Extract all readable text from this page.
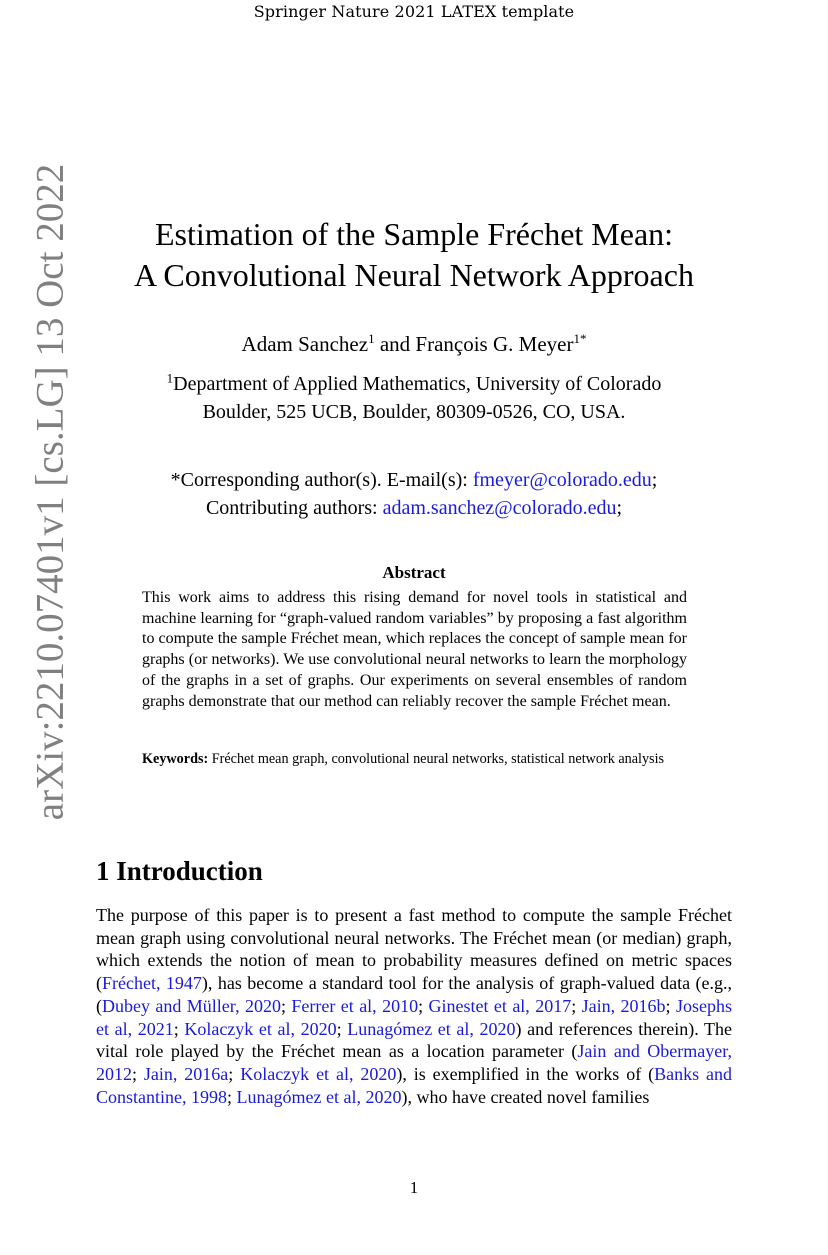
Springer Nature 2021 LATEX template
arXiv:2210.07401v1 [cs.LG] 13 Oct 2022	Estimation of the Sample Fréchet Mean:
A Convolutional Neural Network Approach
Adam Sanchez$^1$ and François G. Meyer$^{1*}$
$^1$Department of Applied Mathematics, University of Colorado
Boulder, 525 UCB, Boulder, 80309-0526, CO, USA.
*Corresponding author(s). E-mail(s): fmeyer@colorado.edu;
Contributing authors: adam.sanchez@colorado.edu;
Abstract

This work aims to address this rising demand for novel tools in statistical and machine learning for “graph-valued random variables” by proposing a fast algorithm to compute the sample Fréchet mean, which replaces the concept of sample mean for graphs (or networks). We use convolutional neural networks to learn the morphology of the graphs in a set of graphs. Our experiments on several ensembles of random graphs demonstrate that our method can reliably recover the sample Fréchet mean.

Keywords: Fréchet mean graph, convolutional neural networks, statistical network analysis
1 Introduction

The purpose of this paper is to present a fast method to compute the sample Fréchet mean graph using convolutional neural networks. The Fréchet mean (or median) graph, which extends the notion of mean to probability measures defined on metric spaces (Fréchet, 1947), has become a standard tool for the analysis of graph-valued data (e.g., (Dubey and Müller, 2020; Ferrer et al, 2010; Ginestet et al, 2017; Jain, 2016b; Josephs et al, 2021; Kolaczyk et al, 2020; Lunagómez et al, 2020) and references therein). The vital role played by the Fréchet mean as a location parameter (Jain and Obermayer, 2012; Jain, 2016a; Kolaczyk et al, 2020), is exemplified in the works of (Banks and Constantine, 1998; Lunagómez et al, 2020), who have created novel families

1
